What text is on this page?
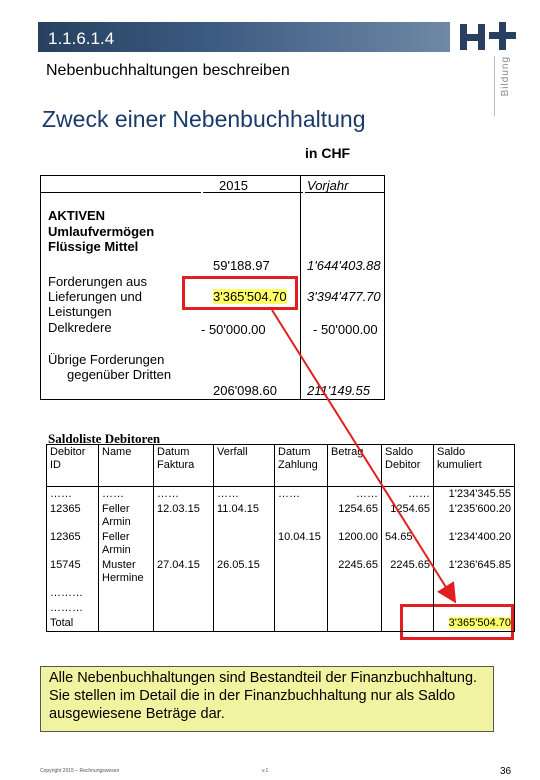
1.1.6.1.4
Nebenbuchhaltungen beschreiben	Bildung
Zweck einer Nebenbuchhaltung
in CHF
2015	Vorjahr
AKTIVEN
Umlaufvermögen
Flüssige Mittel
59'188.97	1'644'403.88
Forderungen aus
Lieferungen und
Leistungen
3'365'504.70 3'394'477.70
Delkredere	- 50'000.00	- 50'000.00
Übrige Forderungen
gegenüber Dritten
206'098.60 211'149.55
Saldoliste Debitoren
Debitor ID	Name	Datum Faktura	Verfall	Datum Zahlung	Betrag	Saldo Debitor	Saldo kumuliert
……	……	……	……	……	……	……	1'234'345.55
12365	Feller Armin	12.03.15	11.04.15		1254.65	1254.65	1'235'600.20
12365	Feller Armin			10.04.15	1200.00	54.65	1'234'400.20
15745	Muster Hermine	27.04.15	26.05.15		2245.65	2245.65	1'236'645.85
………							
………							
Total							3'365'504.70
Alle Nebenbuchhaltungen sind Bestandteil der Finanzbuchhaltung. Sie stellen im Detail die in der Finanzbuchhaltung nur als Saldo ausgewiesene Beträge dar.
Copyright 2015 – Rechnungswesen	v.1	36
